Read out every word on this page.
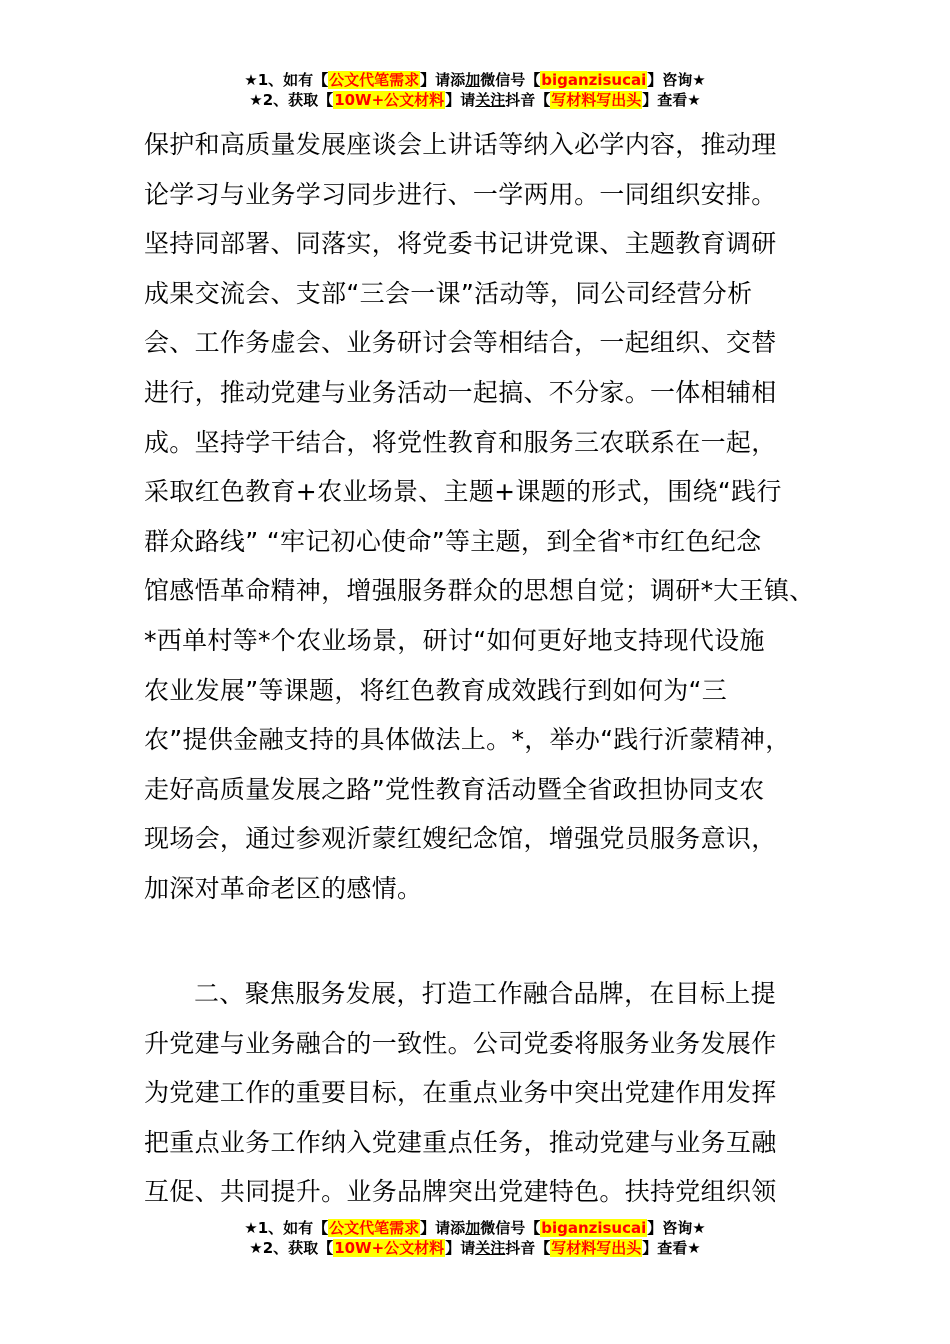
★1、如有【公文代笔需求】请添加微信号【biganzisucai】咨询★
★2、获取【10W+公文材料】请关注抖音【写材料写出头】查看★
保护和高质量发展座谈会上讲话等纳入必学内容，推动理
论学习与业务学习同步进行、一学两用。一同组织安排。
坚持同部署、同落实，将党委书记讲党课、主题教育调研
成果交流会、支部“三会一课”活动等，同公司经营分析
会、工作务虚会、业务研讨会等相结合，一起组织、交替
进行，推动党建与业务活动一起搞、不分家。一体相辅相
成。坚持学干结合，将党性教育和服务三农联系在一起，
采取红色教育+农业场景、主题+课题的形式，围绕“践行
群众路线” “牢记初心使命”等主题，到全省*市红色纪念
馆感悟革命精神，增强服务群众的思想自觉；调研*大王镇、
*西单村等*个农业场景，研讨“如何更好地支持现代设施
农业发展”等课题，将红色教育成效践行到如何为“三
农”提供金融支持的具体做法上。*，举办“践行沂蒙精神，
走好高质量发展之路”党性教育活动暨全省政担协同支农
现场会，通过参观沂蒙红嫂纪念馆，增强党员服务意识，
加深对革命老区的感情。
二、聚焦服务发展，打造工作融合品牌，在目标上提
升党建与业务融合的一致性。公司党委将服务业务发展作
为党建工作的重要目标，在重点业务中突出党建作用发挥
把重点业务工作纳入党建重点任务，推动党建与业务互融
互促、共同提升。业务品牌突出党建特色。扶持党组织领
★1、如有【公文代笔需求】请添加微信号【biganzisucai】咨询★
★2、获取【10W+公文材料】请关注抖音【写材料写出头】查看★
